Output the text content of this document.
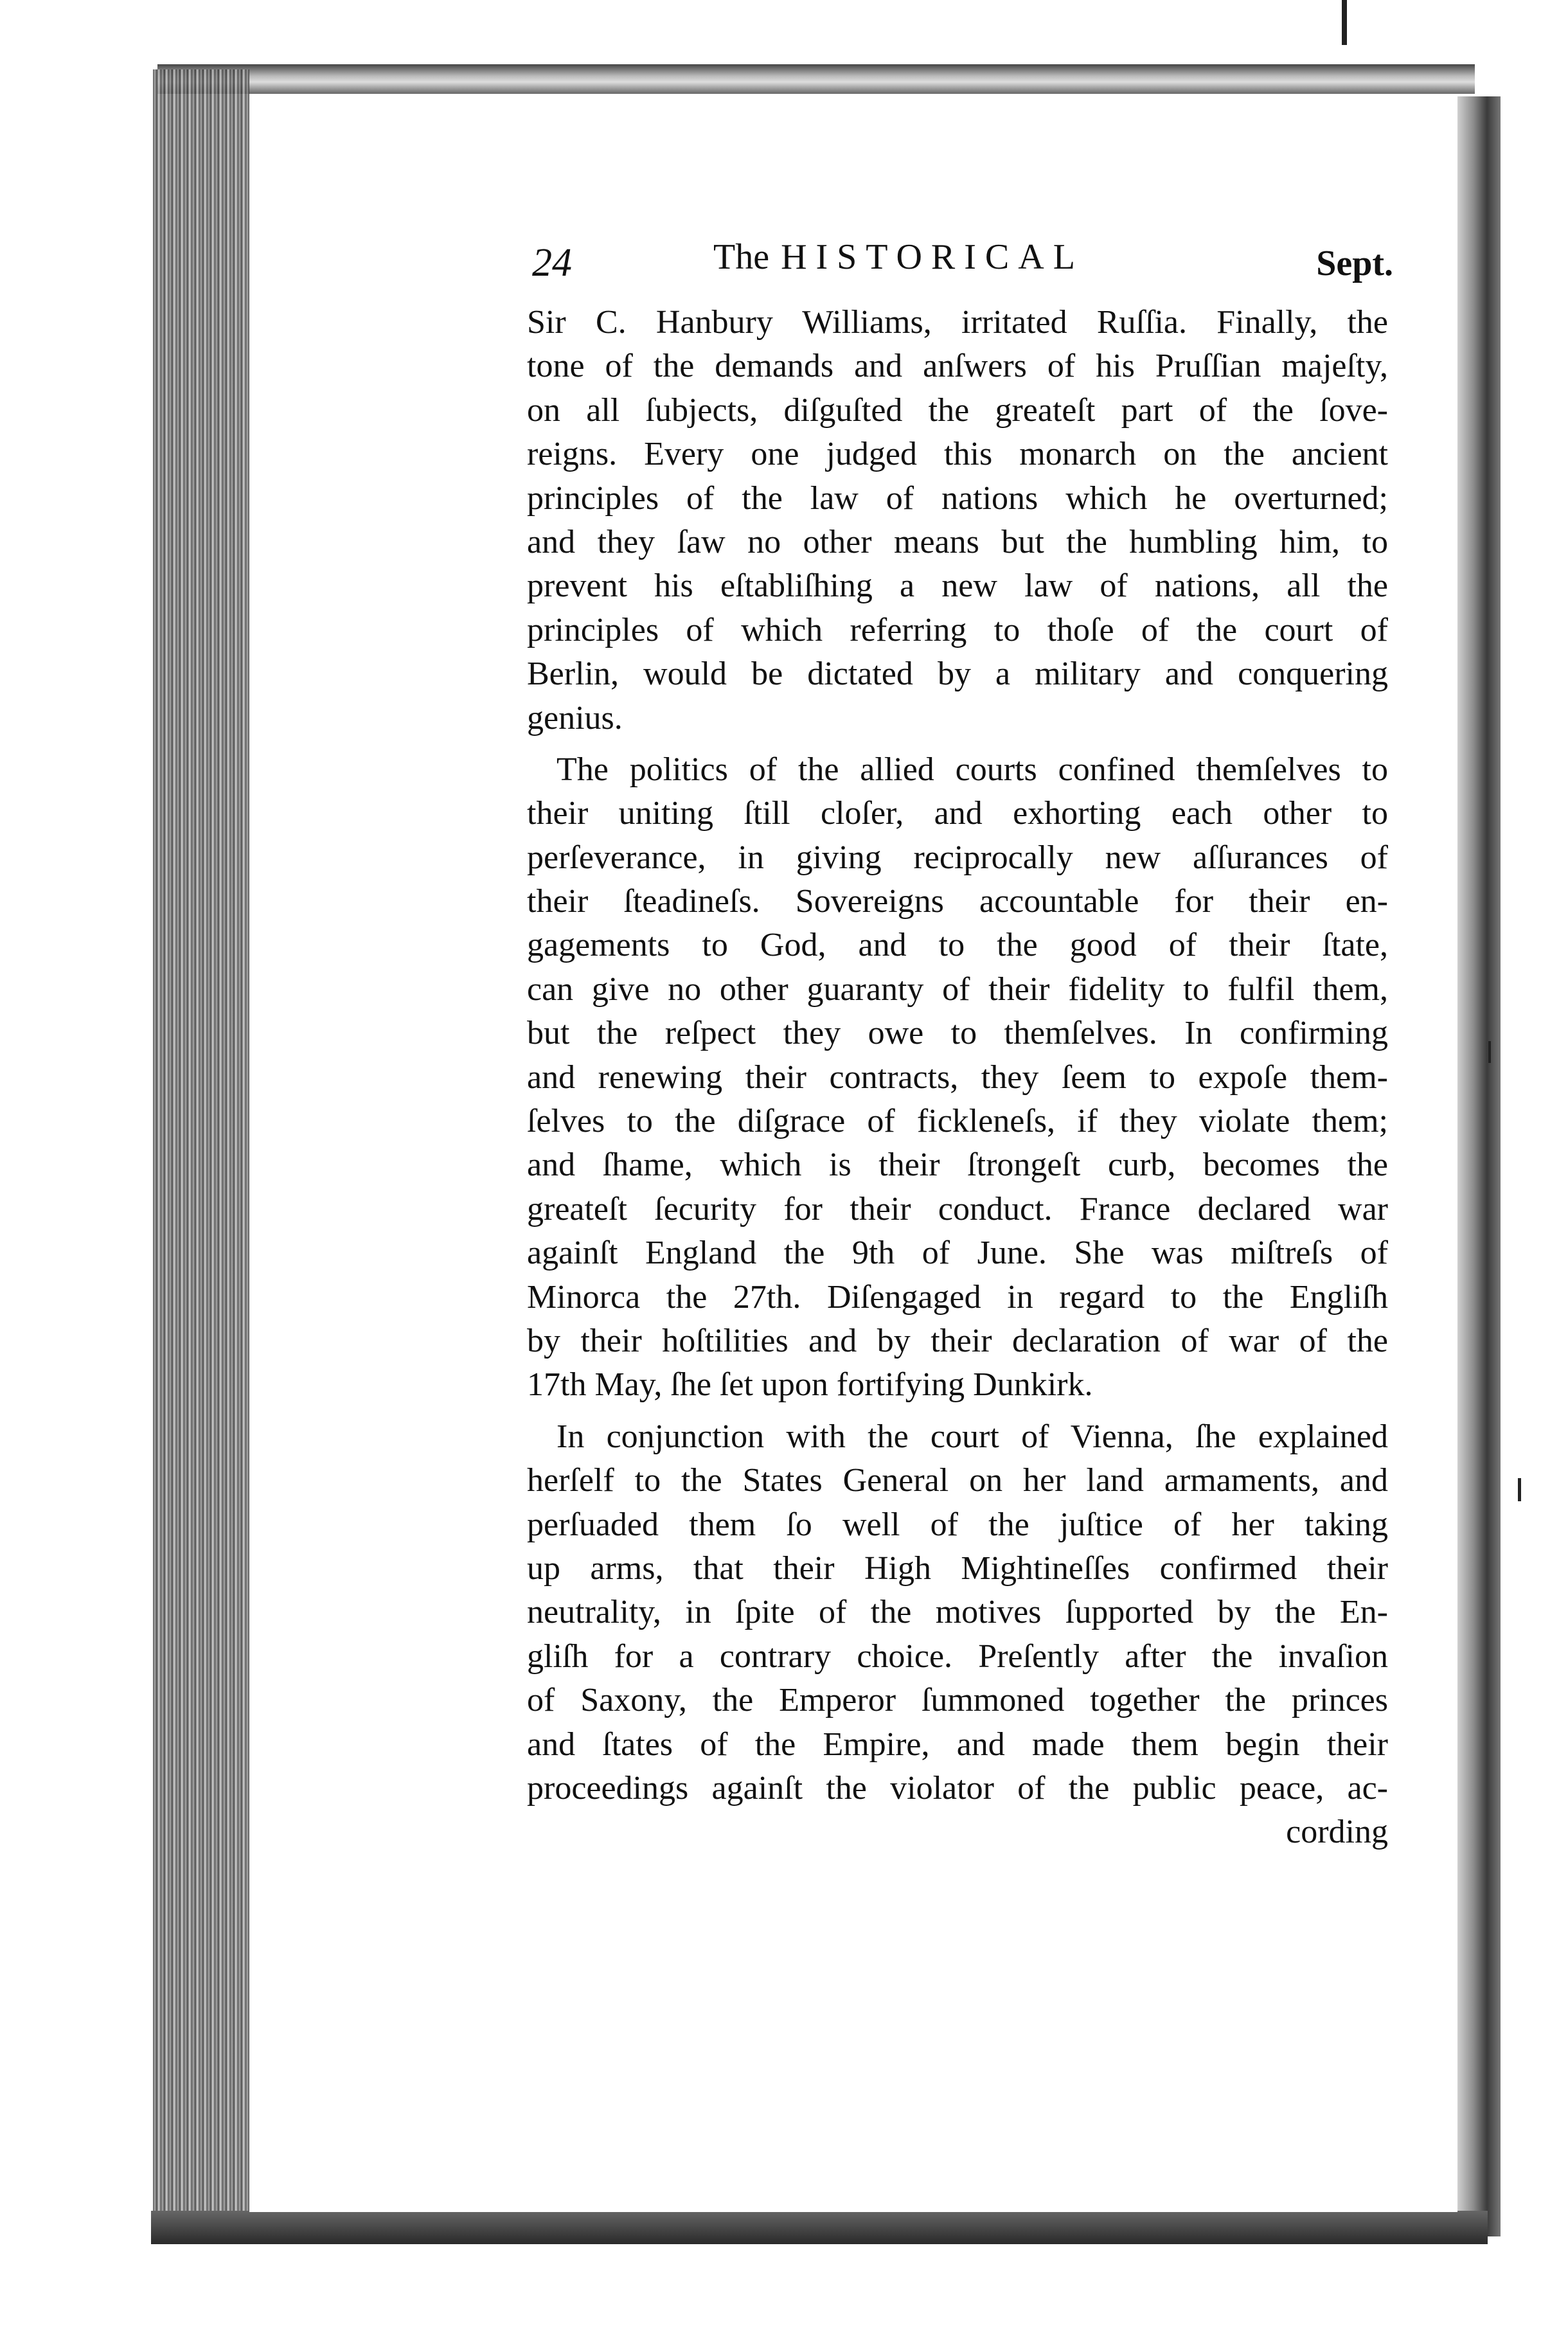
24	The HISTORICAL	Sept.
Sir C. Hanbury Williams, irritated Ruſſia. Finally, the
tone of the demands and anſwers of his Pruſſian majeſty,
on all ſubjects, diſguſted the greateſt part of the ſove-
reigns. Every one judged this monarch on the ancient
principles of the law of nations which he overturned;
and they ſaw no other means but the humbling him, to
prevent his eſtabliſhing a new law of nations, all the
principles of which referring to thoſe of the court of
Berlin, would be dictated by a military and conquering
genius.
The politics of the allied courts confined themſelves to
their uniting ſtill cloſer, and exhorting each other to
perſeverance, in giving reciprocally new aſſurances of
their ſteadineſs. Sovereigns accountable for their en-
gagements to God, and to the good of their ſtate,
can give no other guaranty of their fidelity to fulfil them,
but the reſpect they owe to themſelves. In confirming
and renewing their contracts, they ſeem to expoſe them-
ſelves to the diſgrace of fickleneſs, if they violate them;
and ſhame, which is their ſtrongeſt curb, becomes the
greateſt ſecurity for their conduct. France declared war
againſt England the 9th of June. She was miſtreſs of
Minorca the 27th. Diſengaged in regard to the Engliſh
by their hoſtilities and by their declaration of war of the
17th May, ſhe ſet upon fortifying Dunkirk.
In conjunction with the court of Vienna, ſhe explained
herſelf to the States General on her land armaments, and
perſuaded them ſo well of the juſtice of her taking
up arms, that their High Mightineſſes confirmed their
neutrality, in ſpite of the motives ſupported by the En-
gliſh for a contrary choice. Preſently after the invaſion
of Saxony, the Emperor ſummoned together the princes
and ſtates of the Empire, and made them begin their
proceedings againſt the violator of the public peace, ac-
cording
